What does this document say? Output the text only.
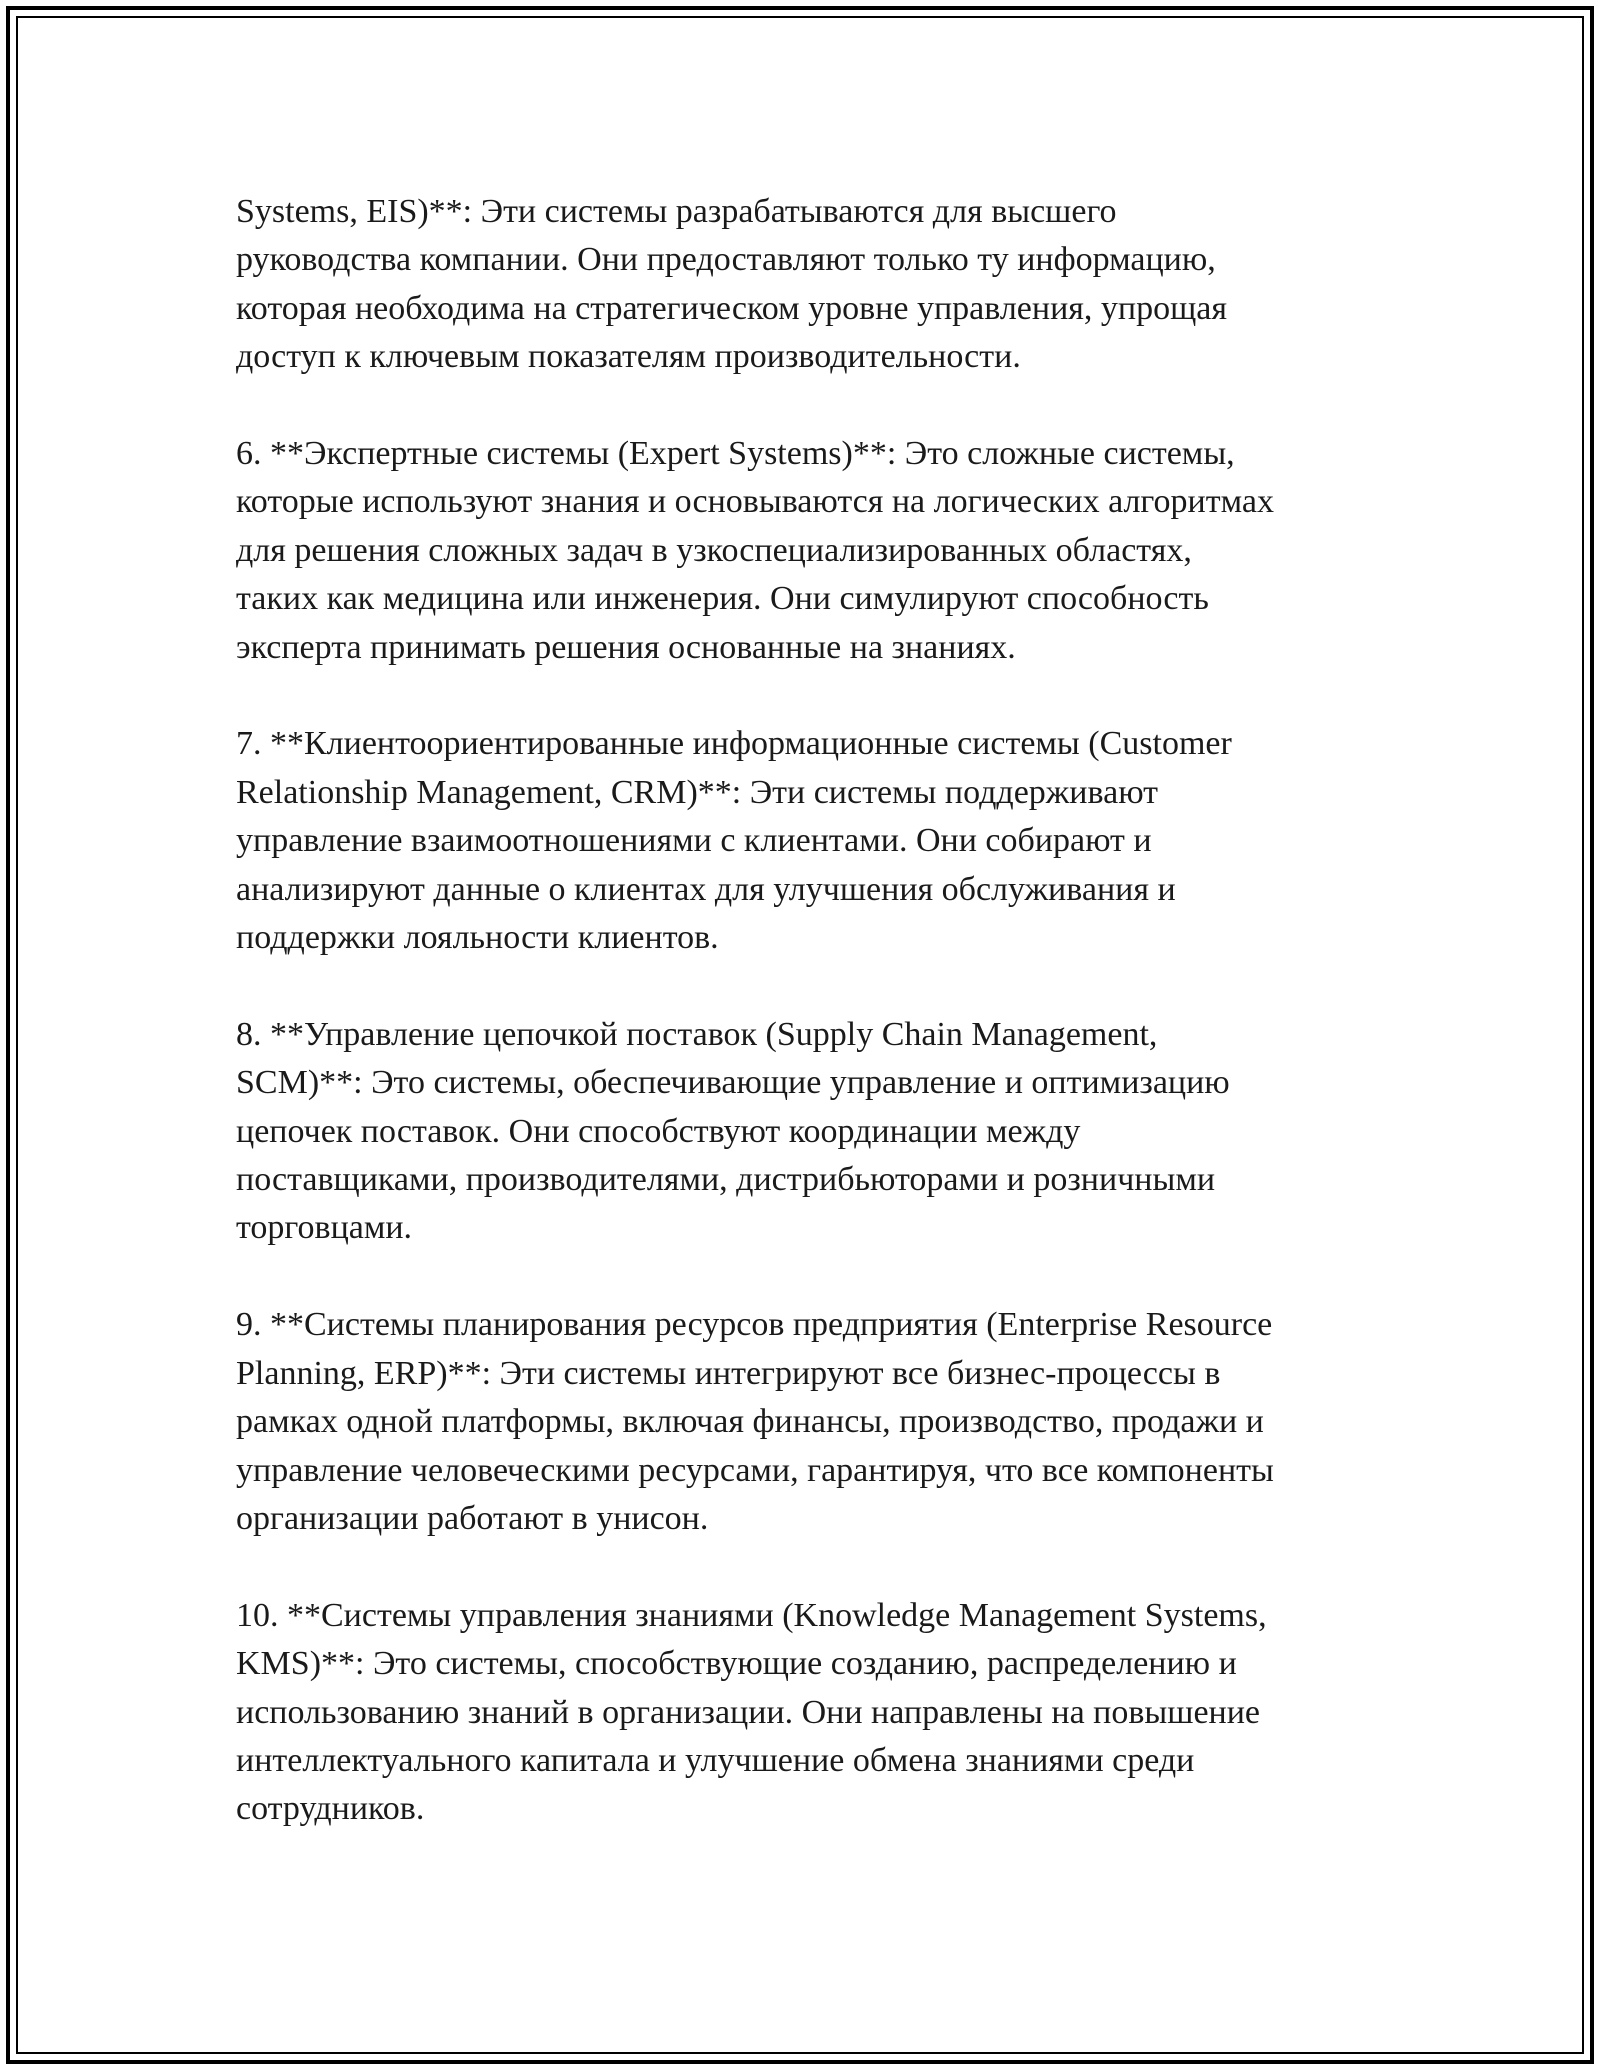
Systems, EIS)**: Эти системы разрабатываются для высшего
руководства компании. Они предоставляют только ту информацию,
которая необходима на стратегическом уровне управления, упрощая
доступ к ключевым показателям производительности.

6. **Экспертные системы (Expert Systems)**: Это сложные системы,
которые используют знания и основываются на логических алгоритмах
для решения сложных задач в узкоспециализированных областях,
таких как медицина или инженерия. Они симулируют способность
эксперта принимать решения основанные на знаниях.

7. **Клиентоориентированные информационные системы (Customer
Relationship Management, CRM)**: Эти системы поддерживают
управление взаимоотношениями с клиентами. Они собирают и
анализируют данные о клиентах для улучшения обслуживания и
поддержки лояльности клиентов.

8. **Управление цепочкой поставок (Supply Chain Management,
SCM)**: Это системы, обеспечивающие управление и оптимизацию
цепочек поставок. Они способствуют координации между
поставщиками, производителями, дистрибьюторами и розничными
торговцами.

9. **Системы планирования ресурсов предприятия (Enterprise Resource
Planning, ERP)**: Эти системы интегрируют все бизнес-процессы в
рамках одной платформы, включая финансы, производство, продажи и
управление человеческими ресурсами, гарантируя, что все компоненты
организации работают в унисон.

10. **Системы управления знаниями (Knowledge Management Systems,
KMS)**: Это системы, способствующие созданию, распределению и
использованию знаний в организации. Они направлены на повышение
интеллектуального капитала и улучшение обмена знаниями среди
сотрудников.
